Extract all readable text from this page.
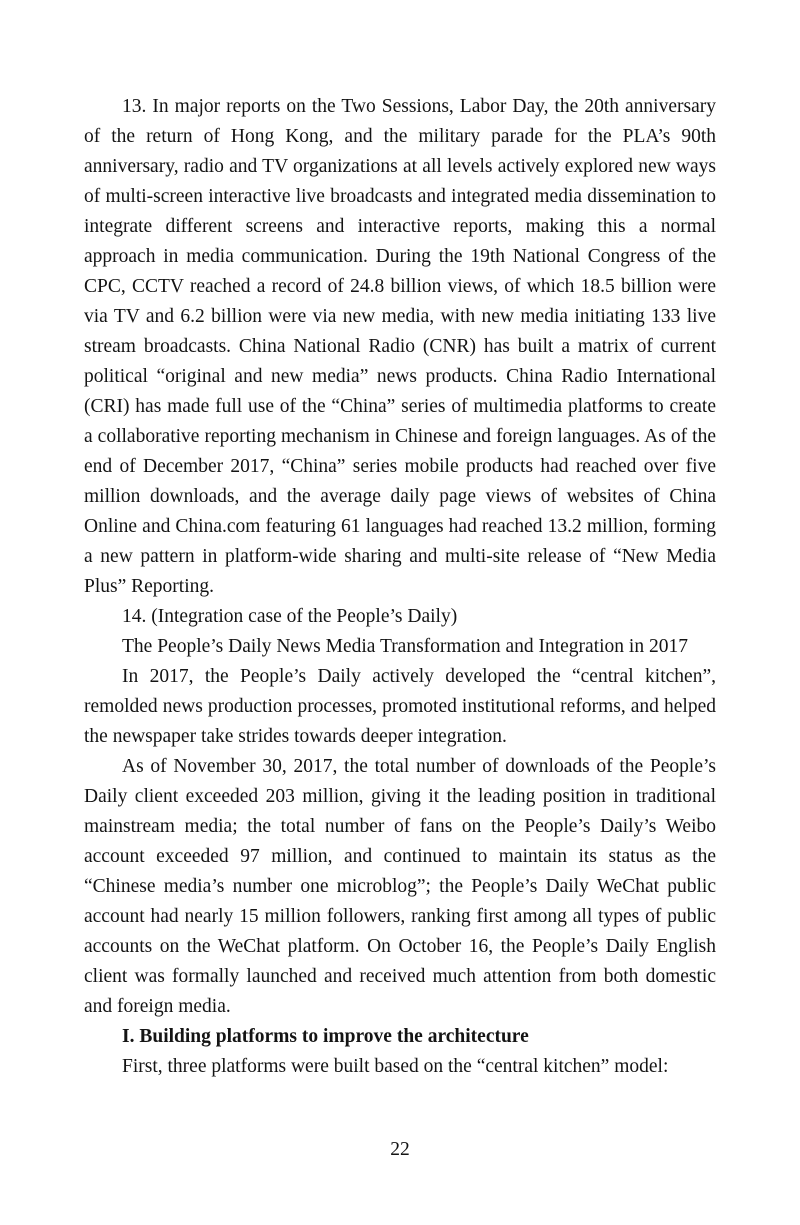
13. In major reports on the Two Sessions, Labor Day, the 20th anniversary of the return of Hong Kong, and the military parade for the PLA’s 90th anniversary, radio and TV organizations at all levels actively explored new ways of multi-screen interactive live broadcasts and integrated media dissemination to integrate different screens and interactive reports, making this a normal approach in media communication. During the 19th National Congress of the CPC, CCTV reached a record of 24.8 billion views, of which 18.5 billion were via TV and 6.2 billion were via new media, with new media initiating 133 live stream broadcasts. China National Radio (CNR) has built a matrix of current political “original and new media” news products. China Radio International (CRI) has made full use of the “China” series of multimedia platforms to create a collaborative reporting mechanism in Chinese and foreign languages. As of the end of December 2017, “China” series mobile products had reached over five million downloads, and the average daily page views of websites of China Online and China.com featuring 61 languages had reached 13.2 million, forming a new pattern in platform-wide sharing and multi-site release of “New Media Plus” Reporting.

14. (Integration case of the People’s Daily)

The People’s Daily News Media Transformation and Integration in 2017

In 2017, the People’s Daily actively developed the “central kitchen”, remolded news production processes, promoted institutional reforms, and helped the newspaper take strides towards deeper integration.

As of November 30, 2017, the total number of downloads of the People’s Daily client exceeded 203 million, giving it the leading position in traditional mainstream media; the total number of fans on the People’s Daily’s Weibo account exceeded 97 million, and continued to maintain its status as the “Chinese media’s number one microblog”; the People’s Daily WeChat public account had nearly 15 million followers, ranking first among all types of public accounts on the WeChat platform. On October 16, the People’s Daily English client was formally launched and received much attention from both domestic and foreign media.

I. Building platforms to improve the architecture

First, three platforms were built based on the “central kitchen” model:

22
